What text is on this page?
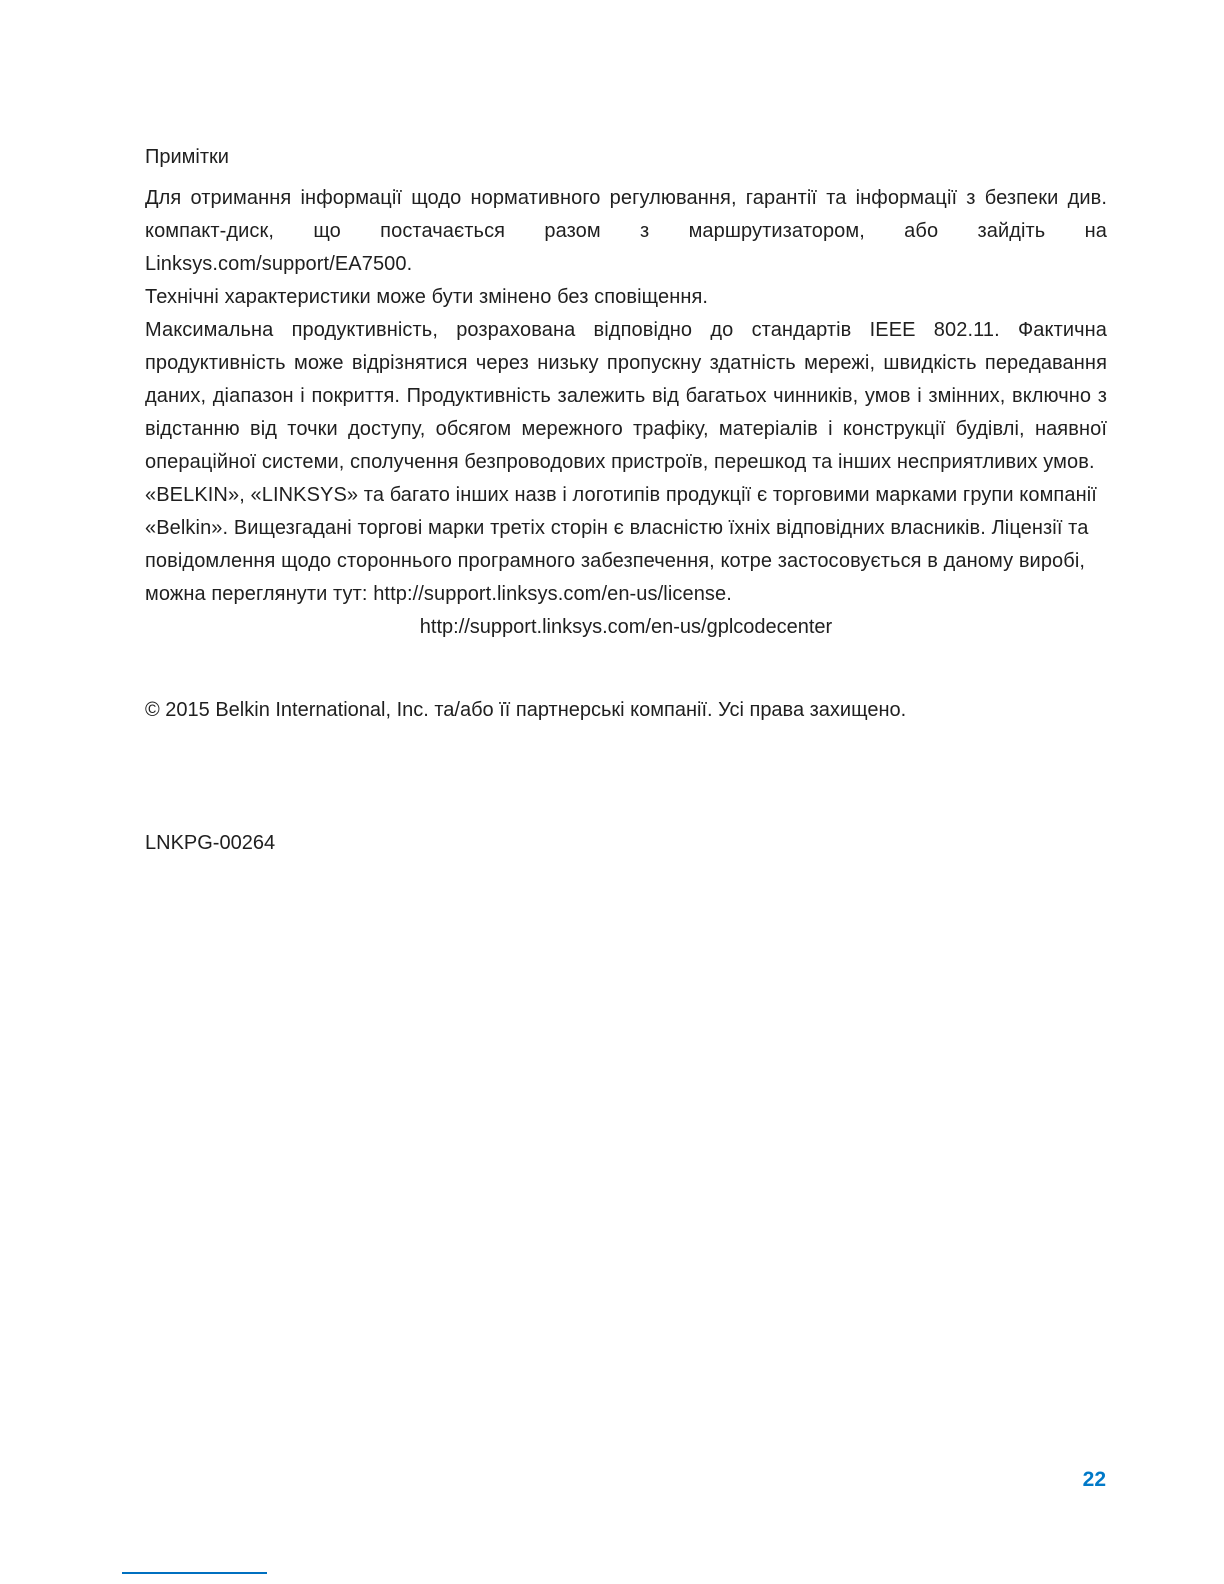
Примітки

Для отримання інформації щодо нормативного регулювання, гарантії та інформації з безпеки див. компакт-диск, що постачається разом з маршрутизатором, або зайдіть на Linksys.com/support/EA7500.

Технічні характеристики може бути змінено без сповіщення.

Максимальна продуктивність, розрахована відповідно до стандартів IEEE 802.11. Фактична продуктивність може відрізнятися через низьку пропускну здатність мережі, швидкість передавання даних, діапазон і покриття. Продуктивність залежить від багатьох чинників, умов і змінних, включно з відстанню від точки доступу, обсягом мережного трафіку, матеріалів і конструкції будівлі, наявної операційної системи, сполучення безпроводових пристроїв, перешкод та інших несприятливих умов.

«BELKIN», «LINKSYS» та багато інших назв і логотипів продукції є торговими марками групи компанії «Belkin». Вищезгадані торгові марки третіх сторін є власністю їхніх відповідних власників. Ліцензії та повідомлення щодо стороннього програмного забезпечення, котре застосовується в даному виробі, можна переглянути тут: http://support.linksys.com/en-us/license.

http://support.linksys.com/en-us/gplcodecenter

© 2015 Belkin International, Inc. та/або її партнерські компанії. Усі права захищено.

LNKPG-00264

22
